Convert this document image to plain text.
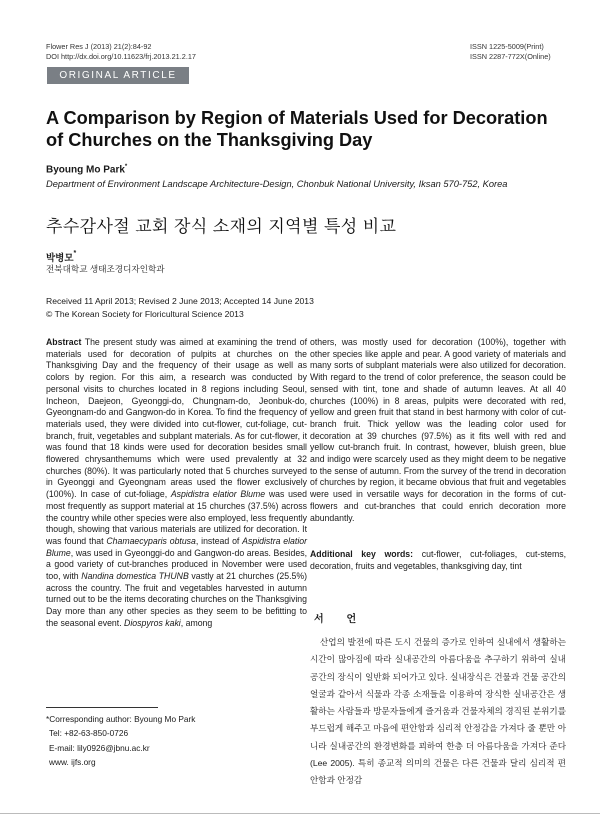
Flower Res J (2013) 21(2):84-92
DOI http://dx.doi.org/10.11623/frj.2013.21.2.17
ISSN 1225-5009(Print)
ISSN 2287-772X(Online)
ORIGINAL ARTICLE
A Comparison by Region of Materials Used for Decoration of Churches on the Thanksgiving Day
Byoung Mo Park*
Department of Environment Landscape Architecture-Design, Chonbuk National University, Iksan 570-752, Korea
추수감사절 교회 장식 소재의 지역별 특성 비교
박병모*
전북대학교 생태조경디자인학과
Received 11 April 2013; Revised 2 June 2013; Accepted 14 June 2013
© The Korean Society for Floricultural Science 2013
Abstract The present study was aimed at examining the trend of materials used for decoration of pulpits at churches on the Thanksgiving Day and the frequency of their usage as well as colors by region. For this aim, a research was conducted by personal visits to churches located in 8 regions including Seoul, Incheon, Daejeon, Gyeonggi-do, Chungnam-do, Jeonbuk-do, Gyeongnam-do and Gangwon-do in Korea. To find the frequency of materials used, they were divided into cut-flower, cut-foliage, cut-branch, fruit, vegetables and subplant materials. As for cut-flower, it was found that 18 kinds were used for decoration besides small flowered chrysanthemums which were used prevalently at 32 churches (80%). It was particularly noted that 5 churches surveyed in Gyeonggi and Gyeongnam areas used the flower exclusively (100%). In case of cut-foliage, Aspidistra elatior Blume was used most frequently as support material at 15 churches (37.5%) across the country while other species were also employed, less frequently though, showing that various materials are utilized for decoration. It was found that Chamaecyparis obtusa, instead of Aspidistra elatior Blume, was used in Gyeonggi-do and Gangwon-do areas. Besides, a good variety of cut-branches produced in November were used too, with Nandina domestica THUNB vastly at 21 churches (25.5%) across the country. The fruit and vegetables harvested in autumn turned out to be the items decorating churches on the Thanksgiving Day more than any other species as they seem to be befitting to the seasonal event. Diospyros kaki, among
others, was mostly used for decoration (100%), together with other species like apple and pear. A good variety of materials and many sorts of subplant materials were also utilized for decoration. With regard to the trend of color preference, the season could be sensed with tint, tone and shade of autumn leaves. At all 40 churches (100%) in 8 areas, pulpits were decorated with red, yellow and green fruit that stand in best harmony with color of cut-branch fruit. Thick yellow was the leading color used for decoration at 39 churches (97.5%) as it fits well with red and yellow cut-branch fruit. In contrast, however, bluish green, blue and indigo were scarcely used as they might deem to be negative to the sense of autumn. From the survey of the trend in decoration of churches by region, it became obvious that fruit and vegetables were used in versatile ways for decoration in the forms of cut-flowers and cut-branches that could enrich decoration more abundantly.
Additional key words: cut-flower, cut-foliages, cut-stems, decoration, fruits and vegetables, thanksgiving day, tint
서 언

산업의 발전에 따른 도시 건물의 증가로 인하여 실내에서 생활하는 시간이 많아짐에 따라 실내공간의 아름다움을 추구하기 위하여 실내공간의 장식이 일반화 되어가고 있다. 실내장식은 건물과 건물 공간의 얼굴과 같아서 식물과 각종 소재들을 이용하여 장식한 실내공간은 생활하는 사람들과 방문자들에게 즐거움과 건물자체의 경직된 분위기를 부드럽게 해주고 마음에 편안함과 심리적 안정감을 가져다 줄 뿐만 아니라 실내공간의 환경변화를 꾀하여 한층 더 아름다움을 가져다 준다(Lee 2005). 특히 종교적 의미의 건물은 다른 건물과 달리 심리적 편안함과 안정감

*Corresponding author: Byoung Mo Park
Tel: +82-63-850-0726
E-mail: lily0926@jbnu.ac.kr
www. ijfs.org
